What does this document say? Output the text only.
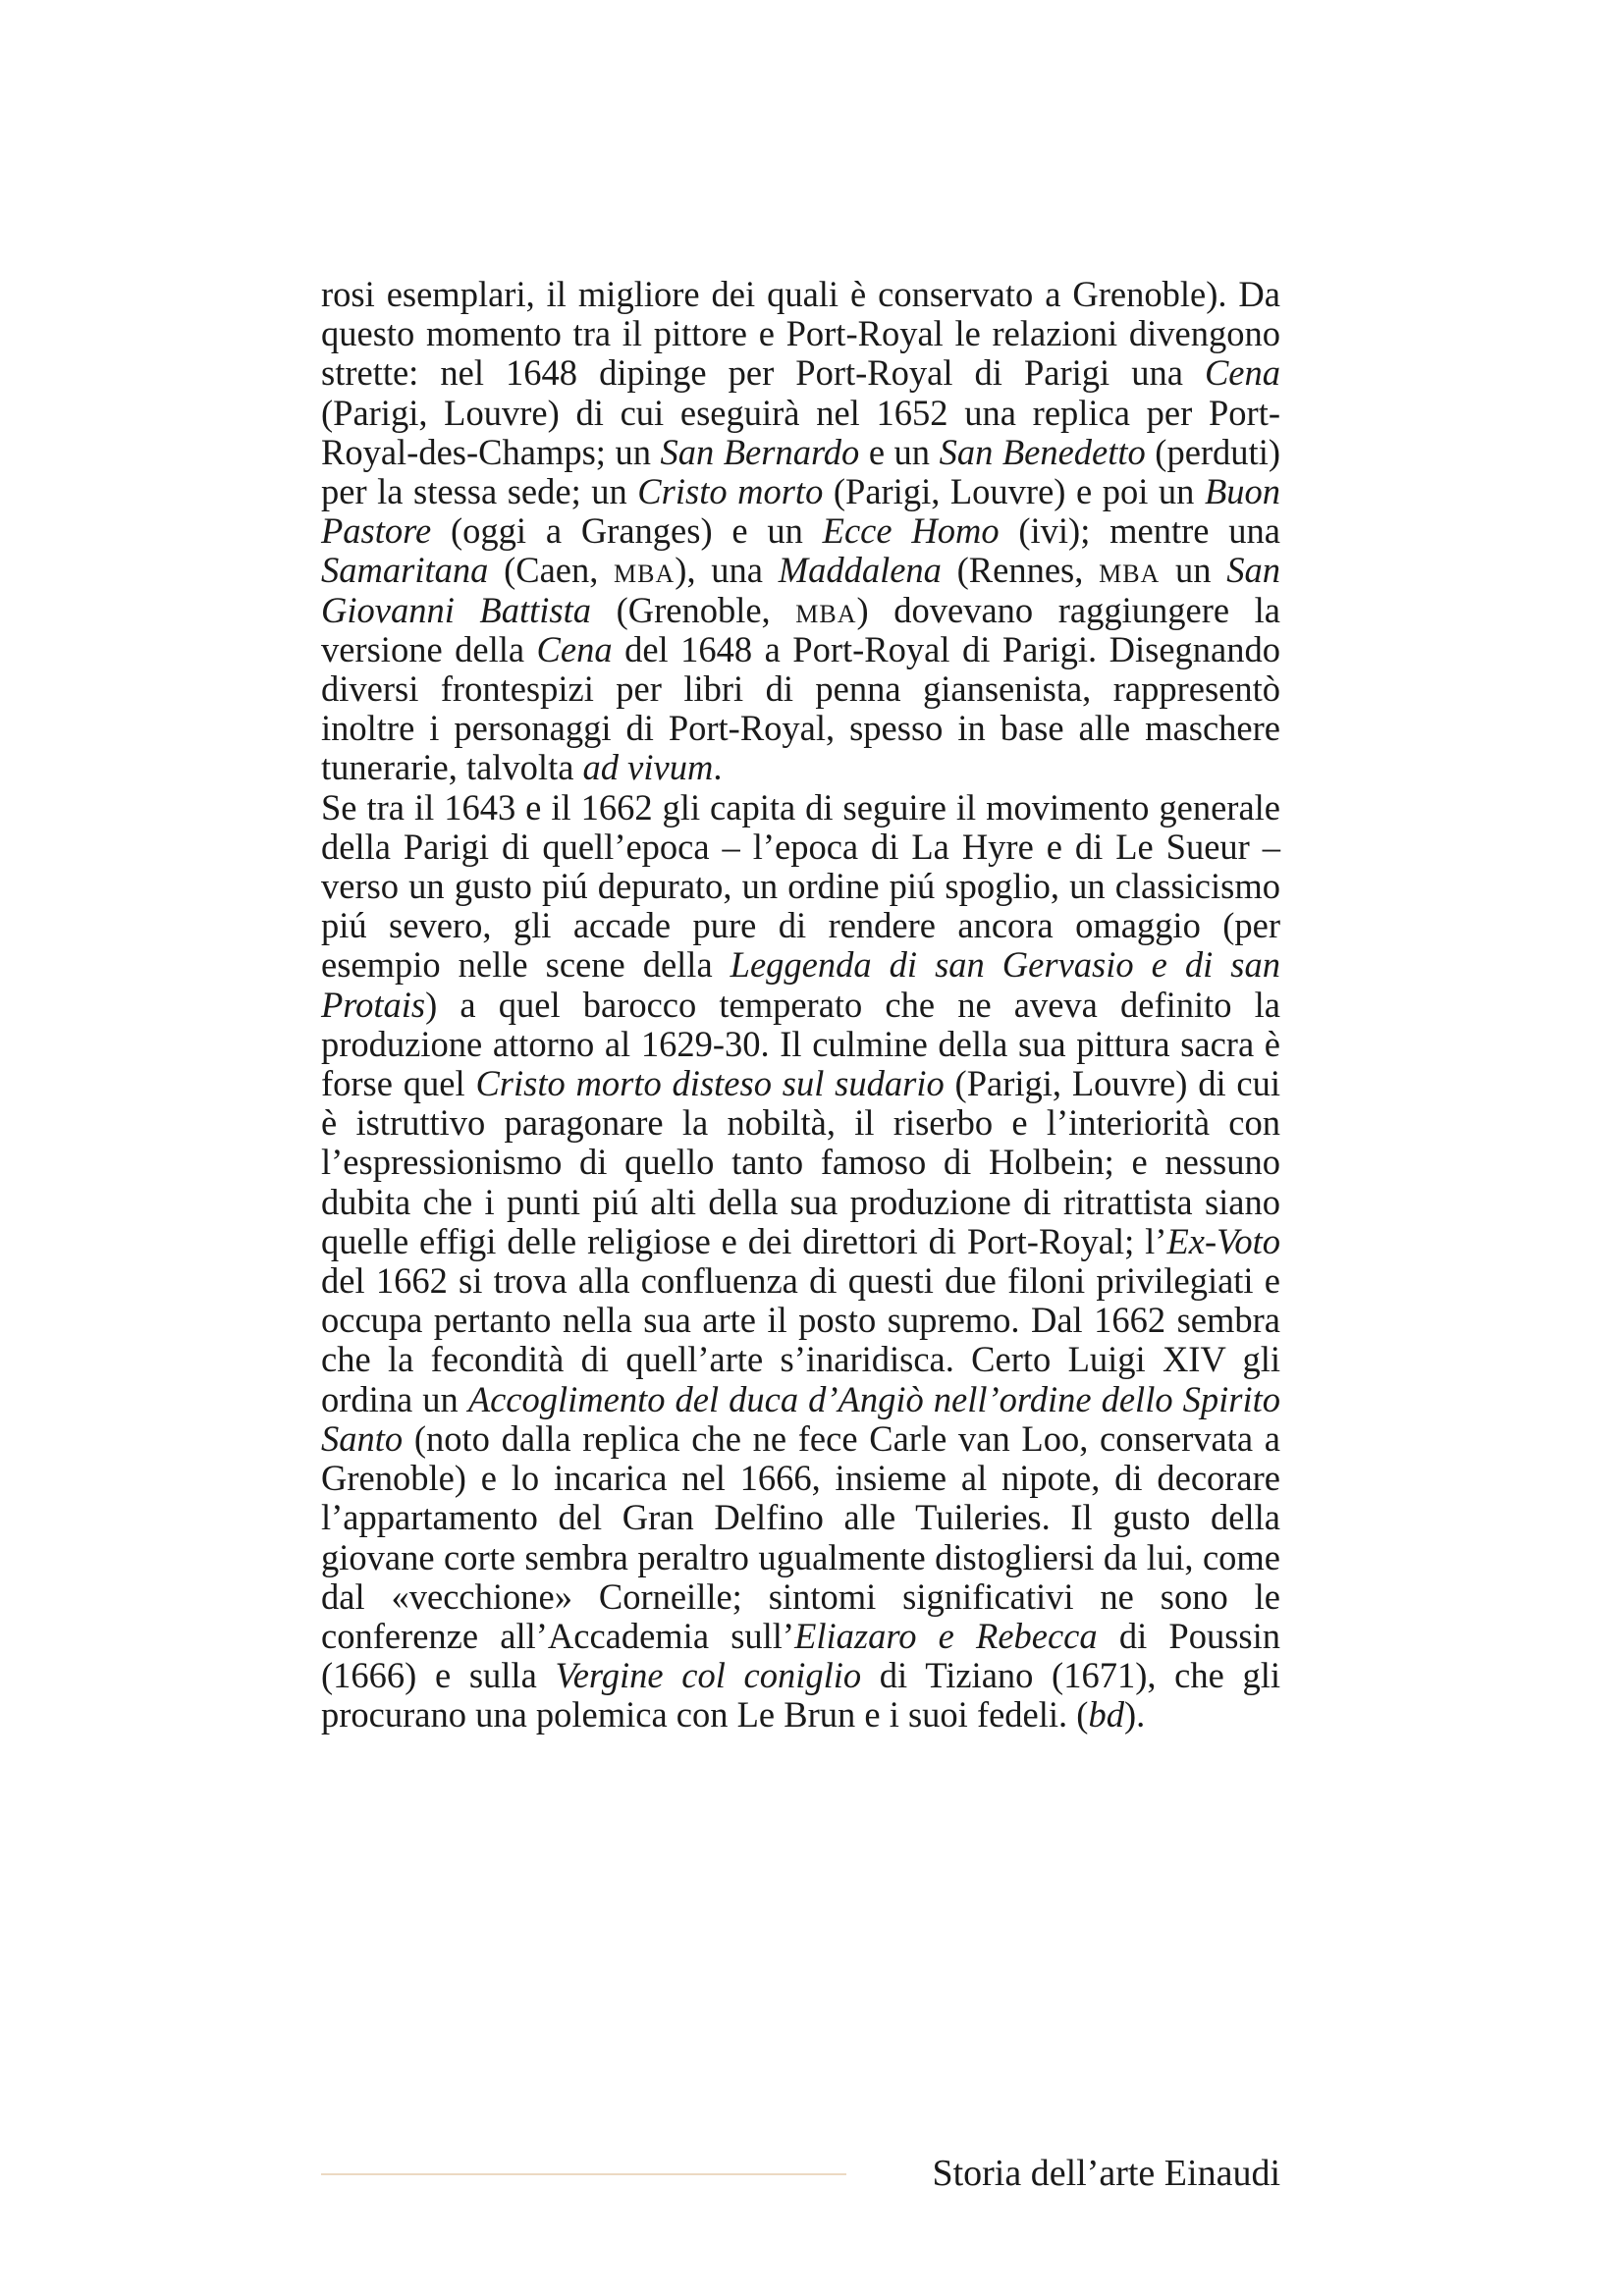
rosi esemplari, il migliore dei quali è conservato a Grenoble). Da questo momento tra il pittore e Port-Royal le relazioni divengono strette: nel 1648 dipinge per Port-Royal di Parigi una Cena (Parigi, Louvre) di cui eseguirà nel 1652 una replica per Port-Royal-des-Champs; un San Bernardo e un San Benedetto (perduti) per la stessa sede; un Cristo morto (Parigi, Louvre) e poi un Buon Pastore (oggi a Granges) e un Ecce Homo (ivi); mentre una Samaritana (Caen, mba), una Maddalena (Rennes, mba un San Giovanni Battista (Grenoble, mba) dovevano raggiungere la versione della Cena del 1648 a Port-Royal di Parigi. Disegnando diversi frontespizi per libri di penna giansenista, rappresentò inoltre i personaggi di Port-Royal, spesso in base alle maschere tunerarie, talvolta ad vivum.

Se tra il 1643 e il 1662 gli capita di seguire il movimento generale della Parigi di quell’epoca – l’epoca di La Hyre e di Le Sueur – verso un gusto piú depurato, un ordine piú spoglio, un classicismo piú severo, gli accade pure di rendere ancora omaggio (per esempio nelle scene della Leggenda di san Gervasio e di san Protais) a quel barocco temperato che ne aveva definito la produzione attorno al 1629-30. Il culmine della sua pittura sacra è forse quel Cristo morto disteso sul sudario (Parigi, Louvre) di cui è istruttivo paragonare la nobiltà, il riserbo e l’interiorità con l’espressionismo di quello tanto famoso di Holbein; e nessuno dubita che i punti piú alti della sua produzione di ritrattista siano quelle effigi delle religiose e dei direttori di Port-Royal; l’Ex-Voto del 1662 si trova alla confluenza di questi due filoni privilegiati e occupa pertanto nella sua arte il posto supremo. Dal 1662 sembra che la fecondità di quell’arte s’inaridisca. Certo Luigi XIV gli ordina un Accoglimento del duca d’Angiò nell’ordine dello Spirito Santo (noto dalla replica che ne fece Carle van Loo, conservata a Grenoble) e lo incarica nel 1666, insieme al nipote, di decorare l’appartamento del Gran Delfino alle Tuileries. Il gusto della giovane corte sembra peraltro ugualmente distogliersi da lui, come dal «vecchione» Corneille; sintomi significativi ne sono le conferenze all’Accademia sull’Eliazaro e Rebecca di Poussin (1666) e sulla Vergine col coniglio di Tiziano (1671), che gli procurano una polemica con Le Brun e i suoi fedeli. (bd).

Storia dell’arte Einaudi
